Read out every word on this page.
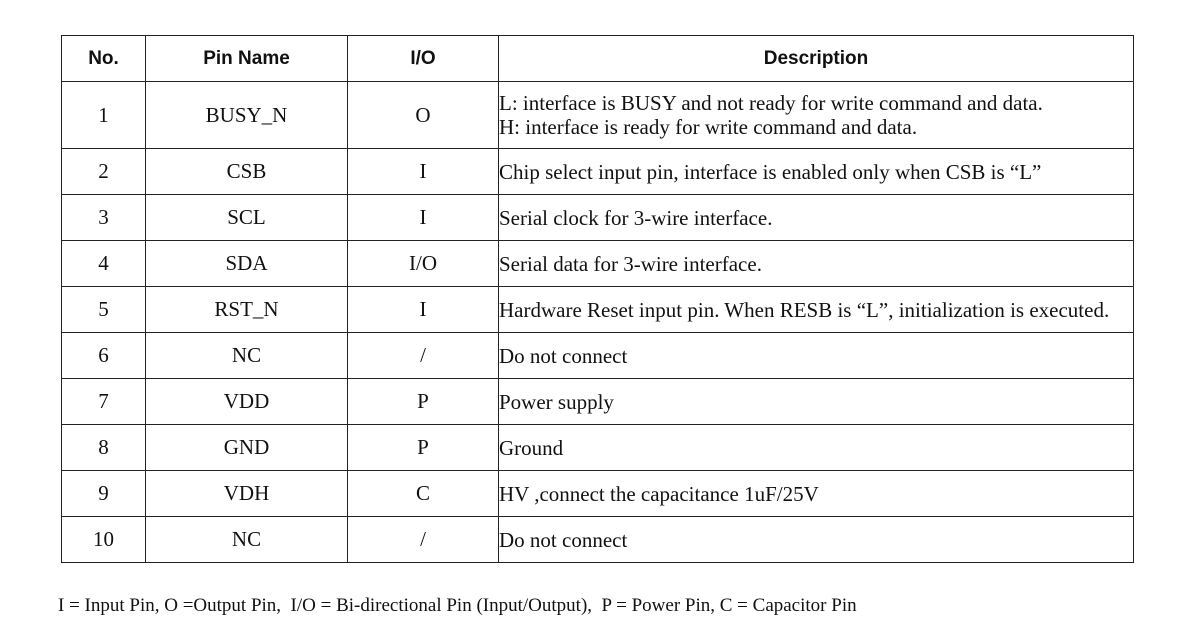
No.	Pin Name	I/O	Description
1	BUSY_N	O	L: interface is BUSY and not ready for write command and data.
H: interface is ready for write command and data.

2	CSB	I	Chip select input pin, interface is enabled only when CSB is “L”

3	SCL	I	Serial clock for 3-wire interface.

4	SDA	I/O	Serial data for 3-wire interface.

5	RST_N	I	Hardware Reset input pin. When RESB is “L”, initialization is executed.

6	NC	/	Do not connect

7	VDD	P	Power supply

8	GND	P	Ground

9	VDH	C	HV ,connect the capacitance 1uF/25V

10	NC	/	Do not connect
I = Input Pin, O =Output Pin,  I/O = Bi-directional Pin (Input/Output),  P = Power Pin, C = Capacitor Pin
